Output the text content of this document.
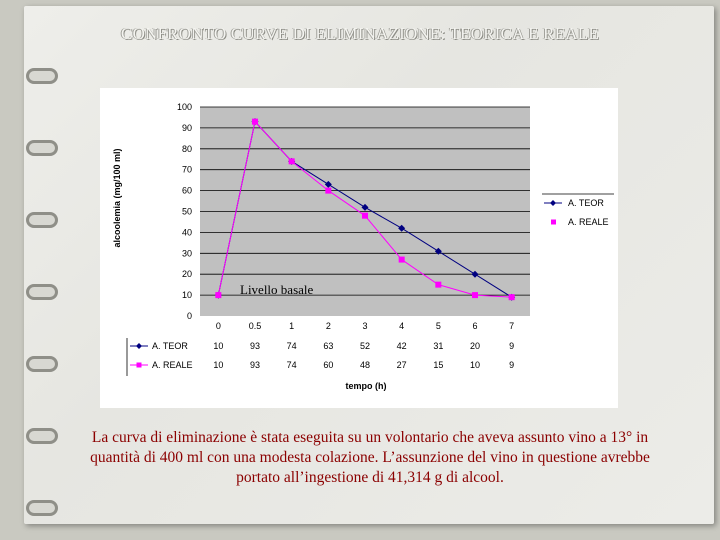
CONFRONTO CURVE DI ELIMINAZIONE: TEORICA E REALE
0
10
20
30
40
50
60
70
80
90
100
0	0.5	1	2	3	4	5	6	7
A. TEOR
A. REALE
A. TEOR	10	93	74	63	52	42	31	20	9
A. REALE 10	93	74	60	48	27	15	10	9
alcoolemia (mg/100 ml)
tempo (h)
Livello basale
La curva di eliminazione è stata eseguita su un volontario che aveva assunto vino a 13° in quantità di 400 ml con una modesta colazione. L’assunzione del vino in questione avrebbe portato all’ingestione di 41,314 g di alcool.
